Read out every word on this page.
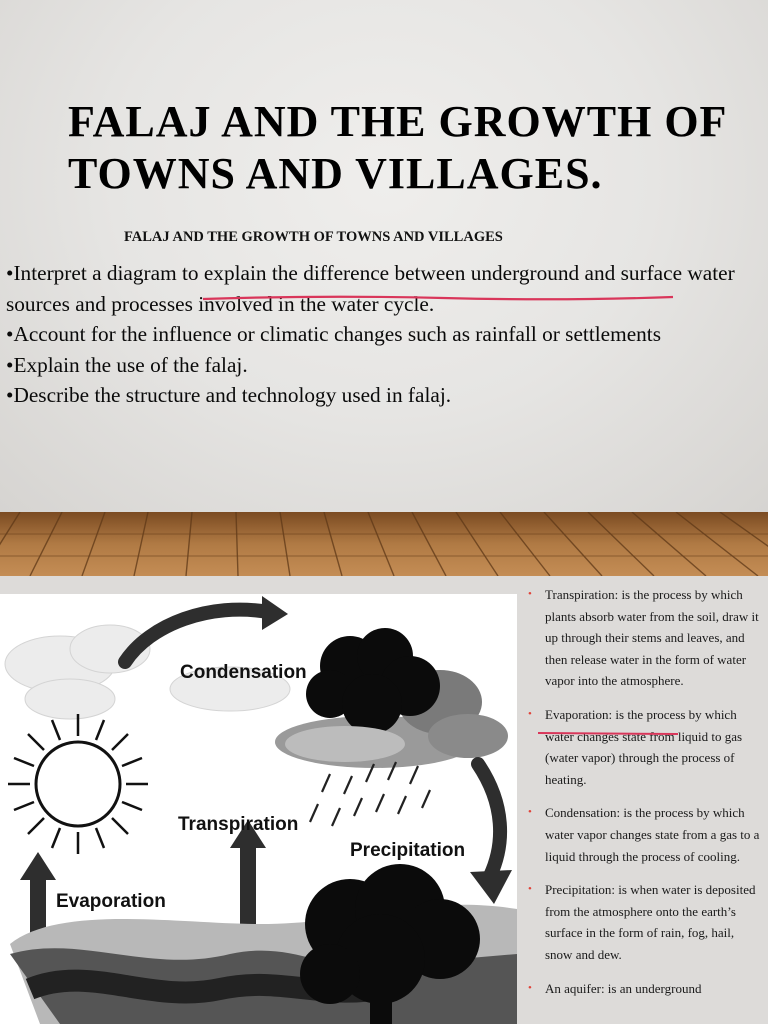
FALAJ AND THE GROWTH OF TOWNS AND VILLAGES.

FALAJ AND THE GROWTH OF TOWNS AND VILLAGES

•Interpret a diagram to explain the difference between underground and surface water sources and processes involved in the water cycle.
•Account for the influence or climatic changes such as rainfall or settlements
•Explain the use of the falaj.
•Describe the structure and technology used in falaj.
Condensation
Transpiration
Precipitation
Evaporation
• Transpiration: is the process by which plants absorb water from the soil, draw it up through their stems and leaves, and then release water in the form of water vapor into the atmosphere.
• Evaporation: is the process by which water changes state from liquid to gas (water vapor) through the process of heating.
• Condensation: is the process by which water vapor changes state from a gas to a liquid through the process of cooling.
• Precipitation: is when water is deposited from the atmosphere onto the earth’s surface in the form of rain, fog, hail, snow and dew.
• An aquifer: is an underground
